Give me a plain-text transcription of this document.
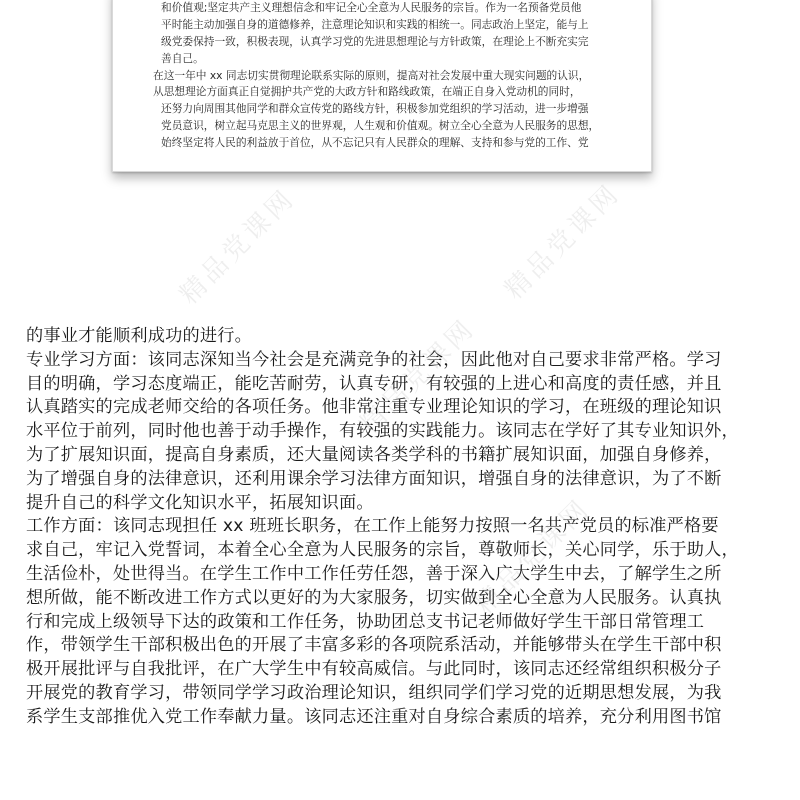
和价值观;坚定共产主义理想信念和牢记全心全意为人民服务的宗旨。作为一名预备党员他

平时能主动加强自身的道德修养，注意理论知识和实践的相统一。同志政治上坚定，能与上

级党委保持一致，积极表现，认真学习党的先进思想理论与方针政策，在理论上不断充实完

善自己。

在这一年中 xx 同志切实贯彻理论联系实际的原则，提高对社会发展中重大现实问题的认识，

从思想理论方面真正自觉拥护共产党的大政方针和路线政策，在端正自身入党动机的同时，

还努力向周围其他同学和群众宣传党的路线方针，积极参加党组织的学习活动，进一步增强

党员意识，树立起马克思主义的世界观，人生观和价值观。树立全心全意为人民服务的思想，

始终坚定将人民的利益放于首位，从不忘记只有人民群众的理解、支持和参与党的工作、党

精品党课网	精品党课网
精品党课网
精品党课网

的事业才能顺利成功的进行。

专业学习方面：该同志深知当今社会是充满竞争的社会，因此他对自己要求非常严格。学习

目的明确，学习态度端正，能吃苦耐劳，认真专研，有较强的上进心和高度的责任感，并且

认真踏实的完成老师交给的各项任务。他非常注重专业理论知识的学习，在班级的理论知识

水平位于前列，同时他也善于动手操作，有较强的实践能力。该同志在学好了其专业知识外，

为了扩展知识面，提高自身素质，还大量阅读各类学科的书籍扩展知识面，加强自身修养，

为了增强自身的法律意识，还利用课余学习法律方面知识，增强自身的法律意识，为了不断

提升自己的科学文化知识水平，拓展知识面。

工作方面：该同志现担任 xx 班班长职务，在工作上能努力按照一名共产党员的标准严格要

求自己，牢记入党誓词，本着全心全意为人民服务的宗旨，尊敬师长，关心同学，乐于助人，

生活俭朴，处世得当。在学生工作中工作任劳任怨，善于深入广大学生中去，了解学生之所

想所做，能不断改进工作方式以更好的为大家服务，切实做到全心全意为人民服务。认真执

行和完成上级领导下达的政策和工作任务，协助团总支书记老师做好学生干部日常管理工

作，带领学生干部积极出色的开展了丰富多彩的各项院系活动，并能够带头在学生干部中积

极开展批评与自我批评，在广大学生中有较高威信。与此同时，该同志还经常组织积极分子

开展党的教育学习，带领同学学习政治理论知识，组织同学们学习党的近期思想发展，为我

系学生支部推优入党工作奉献力量。该同志还注重对自身综合素质的培养，充分利用图书馆
